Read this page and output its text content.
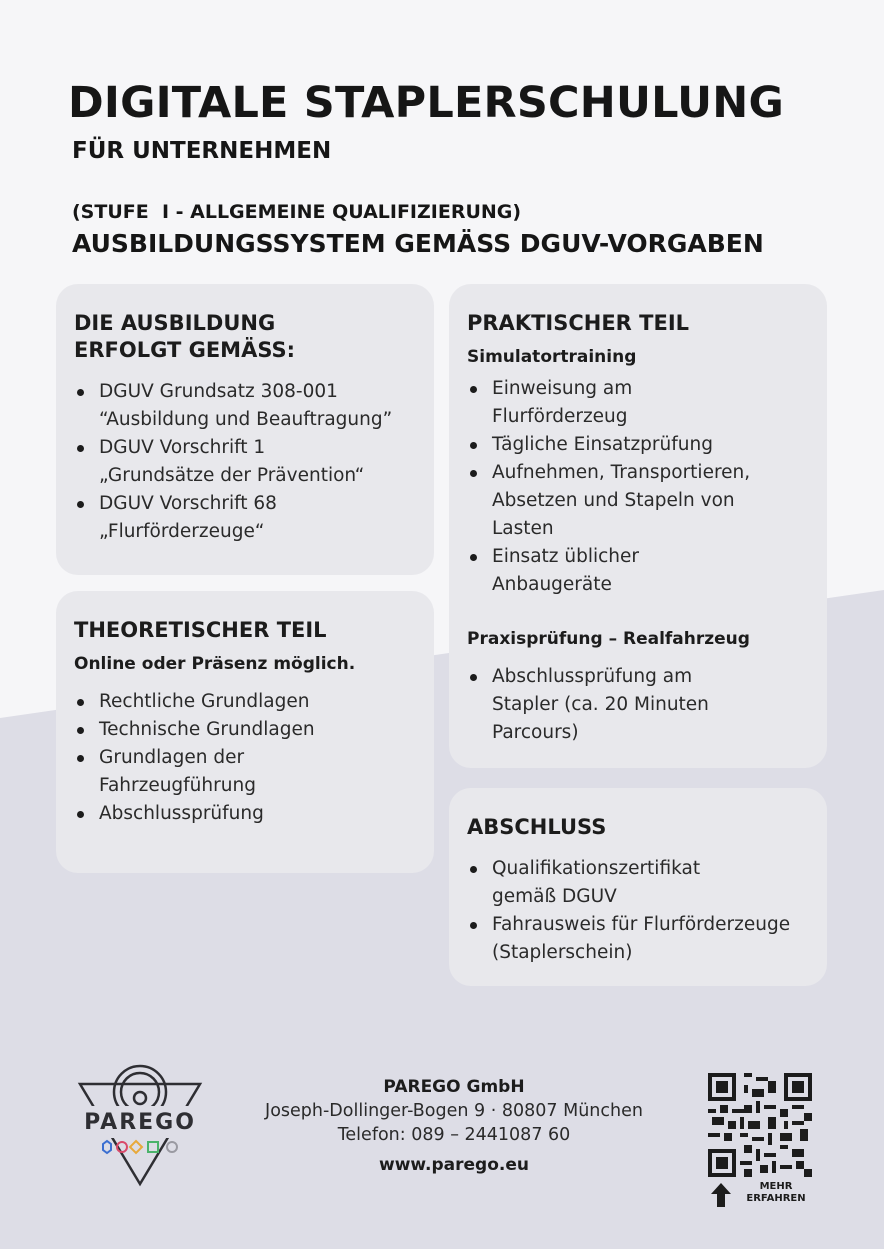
DIGITALE STAPLERSCHULUNG
FÜR UNTERNEHMEN
(STUFE  I - ALLGEMEINE QUALIFIZIERUNG)
AUSBILDUNGSSYSTEM GEMÄSS DGUV-VORGABEN
DIE AUSBILDUNG
ERFOLGT GEMÄSS:
DGUV Grundsatz 308-001
“Ausbildung und Beauftragung”
DGUV Vorschrift 1
„Grundsätze der Prävention“
DGUV Vorschrift 68
„Flurförderzeuge“
THEORETISCHER TEIL
Online oder Präsenz möglich.
Rechtliche Grundlagen
Technische Grundlagen
Grundlagen der
Fahrzeugführung
Abschlussprüfung
PRAKTISCHER TEIL
Simulatortraining
Einweisung am
Flurförderzeug
Tägliche Einsatzprüfung
Aufnehmen, Transportieren,
Absetzen und Stapeln von
Lasten
Einsatz üblicher
Anbaugeräte
Praxisprüfung – Realfahrzeug
Abschlussprüfung am
Stapler (ca. 20 Minuten
Parcours)
ABSCHLUSS
Qualifikationszertifikat
gemäß DGUV
Fahrausweis für Flurförderzeuge
(Staplerschein)
PAREGO
PAREGO GmbH
Joseph-Dollinger-Bogen 9 · 80807 München
Telefon: 089 – 2441087 60
www.parego.eu
MEHR
ERFAHREN
